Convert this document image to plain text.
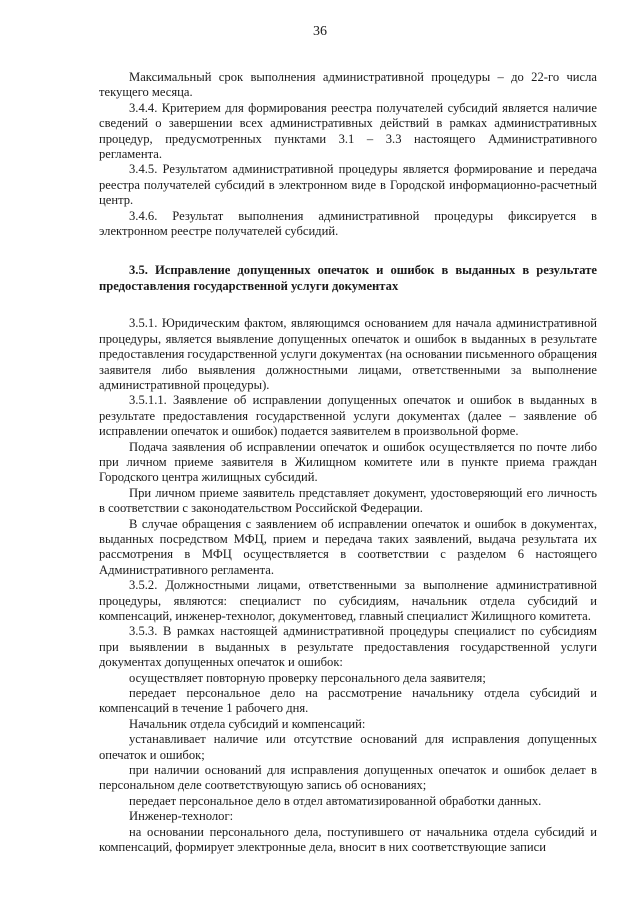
36

Максимальный срок выполнения административной процедуры – до 22-го числа текущего месяца.

3.4.4. Критерием для формирования реестра получателей субсидий является наличие сведений о завершении всех административных действий в рамках административных процедур, предусмотренных пунктами 3.1 – 3.3 настоящего Административного регламента.

3.4.5. Результатом административной процедуры является формирование и передача реестра получателей субсидий в электронном виде в Городской информационно-расчетный центр.

3.4.6. Результат выполнения административной процедуры фиксируется в электронном реестре получателей субсидий.

3.5. Исправление допущенных опечаток и ошибок в выданных в результате предоставления государственной услуги документах

3.5.1. Юридическим фактом, являющимся основанием для начала административной процедуры, является выявление допущенных опечаток и ошибок в выданных в результате предоставления государственной услуги документах (на основании письменного обращения заявителя либо выявления должностными лицами, ответственными за выполнение административной процедуры).

3.5.1.1. Заявление об исправлении допущенных опечаток и ошибок в выданных в результате предоставления государственной услуги документах (далее – заявление об исправлении опечаток и ошибок) подается заявителем в произвольной форме.

Подача заявления об исправлении опечаток и ошибок осуществляется по почте либо при личном приеме заявителя в Жилищном комитете или в пункте приема граждан Городского центра жилищных субсидий.

При личном приеме заявитель представляет документ, удостоверяющий его личность в соответствии с законодательством Российской Федерации.

В случае обращения с заявлением об исправлении опечаток и ошибок в документах, выданных посредством МФЦ, прием и передача таких заявлений, выдача результата их рассмотрения в МФЦ осуществляется в соответствии с разделом 6 настоящего Административного регламента.

3.5.2. Должностными лицами, ответственными за выполнение административной процедуры, являются: специалист по субсидиям, начальник отдела субсидий и компенсаций, инженер-технолог, документовед, главный специалист Жилищного комитета.

3.5.3. В рамках настоящей административной процедуры специалист по субсидиям при выявлении в выданных в результате предоставления государственной услуги документах допущенных опечаток и ошибок:

осуществляет повторную проверку персонального дела заявителя;

передает персональное дело на рассмотрение начальнику отдела субсидий и компенсаций в течение 1 рабочего дня.

Начальник отдела субсидий и компенсаций:

устанавливает наличие или отсутствие оснований для исправления допущенных опечаток и ошибок;

при наличии оснований для исправления допущенных опечаток и ошибок делает в персональном деле соответствующую запись об основаниях;

передает персональное дело в отдел автоматизированной обработки данных.

Инженер-технолог:

на основании персонального дела, поступившего от начальника отдела субсидий и компенсаций, формирует электронные дела, вносит в них соответствующие записи
